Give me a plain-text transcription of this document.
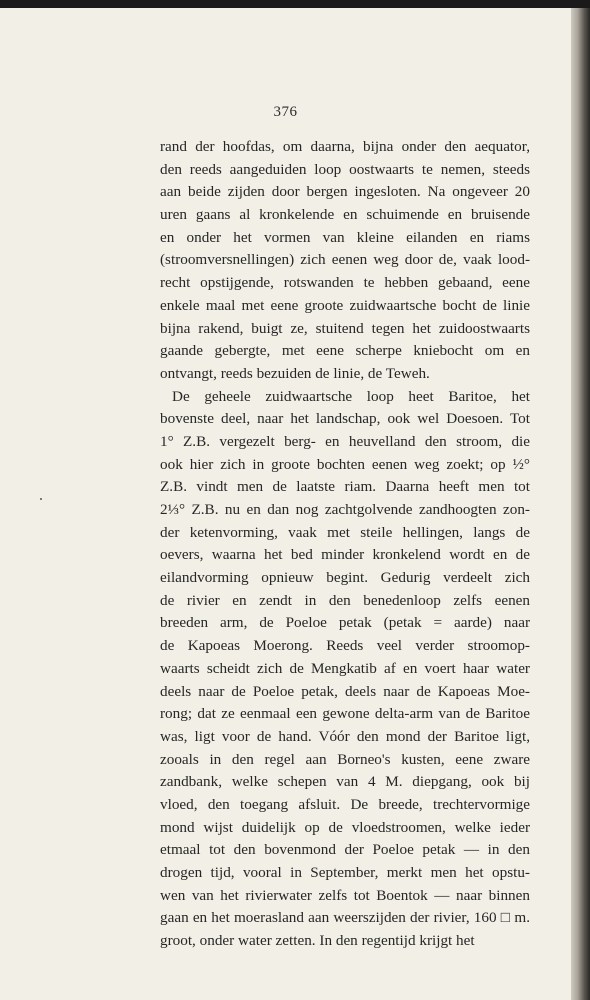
376
rand der hoofdas, om daarna, bijna onder den aequator,
den reeds aangeduiden loop oostwaarts te nemen, steeds
aan beide zijden door bergen ingesloten. Na ongeveer 20
uren gaans al kronkelende en schuimende en bruisende
en onder het vormen van kleine eilanden en riams
(stroomversnellingen) zich eenen weg door de, vaak lood-
recht opstijgende, rotswanden te hebben gebaand, eene
enkele maal met eene groote zuidwaartsche bocht de linie
bijna rakend, buigt ze, stuitend tegen het zuidoostwaarts
gaande gebergte, met eene scherpe kniebocht om en
ontvangt, reeds bezuiden de linie, de Teweh.
De geheele zuidwaartsche loop heet Baritoe, het
bovenste deel, naar het landschap, ook wel Doesoen. Tot
1° Z.B. vergezelt berg- en heuvelland den stroom, die
ook hier zich in groote bochten eenen weg zoekt; op ½°
Z.B. vindt men de laatste riam. Daarna heeft men tot
2⅓° Z.B. nu en dan nog zachtgolvende zandhoogten zon-
der ketenvorming, vaak met steile hellingen, langs de
oevers, waarna het bed minder kronkelend wordt en de
eilandvorming opnieuw begint. Gedurig verdeelt zich
de rivier en zendt in den benedenloop zelfs eenen
breeden arm, de Poeloe petak (petak = aarde) naar
de Kapoeas Moerong. Reeds veel verder stroomop-
waarts scheidt zich de Mengkatib af en voert haar water
deels naar de Poeloe petak, deels naar de Kapoeas Moe-
rong; dat ze eenmaal een gewone delta-arm van de Baritoe
was, ligt voor de hand. Vóór den mond der Baritoe ligt,
zooals in den regel aan Borneo's kusten, eene zware
zandbank, welke schepen van 4 M. diepgang, ook bij
vloed, den toegang afsluit. De breede, trechtervormige
mond wijst duidelijk op de vloedstroomen, welke ieder
etmaal tot den bovenmond der Poeloe petak — in den
drogen tijd, vooral in September, merkt men het opstu-
wen van het rivierwater zelfs tot Boentok — naar binnen
gaan en het moerasland aan weerszijden der rivier, 160 □ m.
groot, onder water zetten. In den regentijd krijgt het
